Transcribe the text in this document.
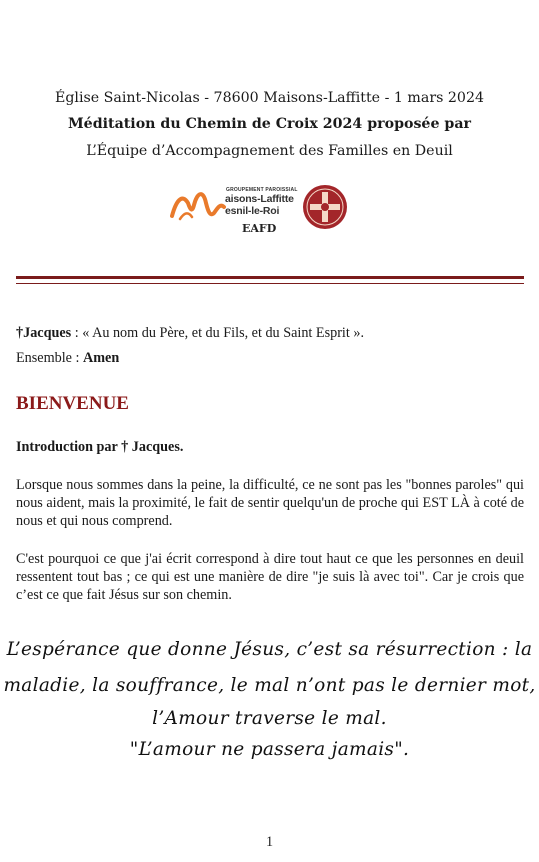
Église Saint-Nicolas - 78600 Maisons-Laffitte - 1 mars 2024
Méditation du Chemin de Croix 2024 proposée par
L’Équipe d’Accompagnement des Familles en Deuil
GROUPEMENT PAROISSIAL
aisons-Laffitte
esnil-le-Roi
EAFD
†Jacques : « Au nom du Père, et du Fils, et du Saint Esprit ».
Ensemble : Amen
BIENVENUE
Introduction par † Jacques.
Lorsque nous sommes dans la peine, la difficulté, ce ne sont pas les "bonnes paroles" qui nous aident, mais la proximité, le fait de sentir quelqu'un de proche qui EST LÀ à coté de nous et qui nous comprend.
C'est pourquoi ce que j'ai écrit correspond à dire tout haut ce que les personnes en deuil ressentent tout bas ; ce qui est une manière de dire "je suis là avec toi". Car je crois que c’est ce que fait Jésus sur son chemin.
L’espérance que donne Jésus, c’est sa résurrection : la
maladie, la souffrance, le mal n’ont pas le dernier mot,
l’Amour traverse le mal.
"L’amour ne passera jamais".
1
